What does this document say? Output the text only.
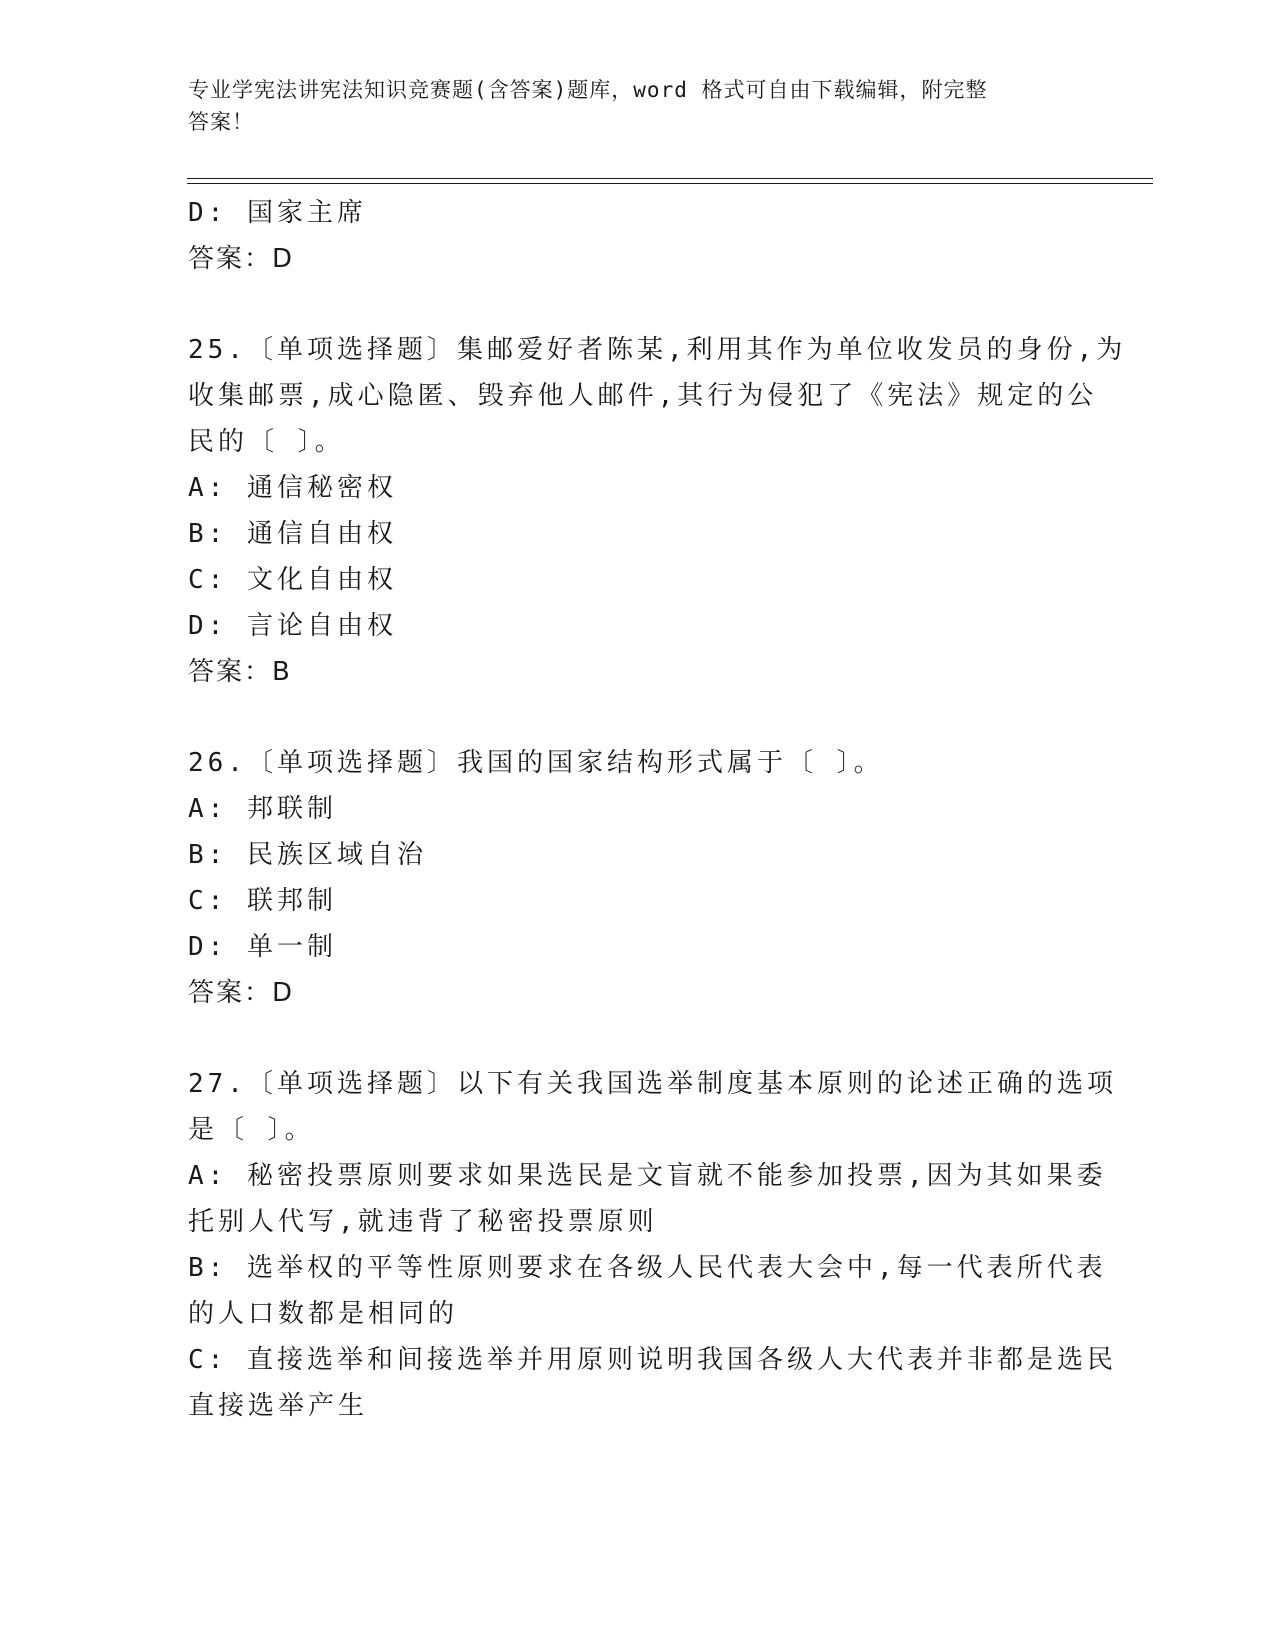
专业学宪法讲宪法知识竞赛题(含答案)题库，word 格式可自由下载编辑，附完整
答案！
D: 国家主席
答案：D
25.〔单项选择题〕集邮爱好者陈某,利用其作为单位收发员的身份,为
收集邮票,成心隐匿、毁弃他人邮件,其行为侵犯了《宪法》规定的公
民的〔 〕。
A: 通信秘密权
B: 通信自由权
C: 文化自由权
D: 言论自由权
答案：B
26.〔单项选择题〕我国的国家结构形式属于〔 〕。
A: 邦联制
B: 民族区域自治
C: 联邦制
D: 单一制
答案：D
27.〔单项选择题〕以下有关我国选举制度基本原则的论述正确的选项
是〔 〕。
A: 秘密投票原则要求如果选民是文盲就不能参加投票,因为其如果委
托别人代写,就违背了秘密投票原则
B: 选举权的平等性原则要求在各级人民代表大会中,每一代表所代表
的人口数都是相同的
C: 直接选举和间接选举并用原则说明我国各级人大代表并非都是选民
直接选举产生
